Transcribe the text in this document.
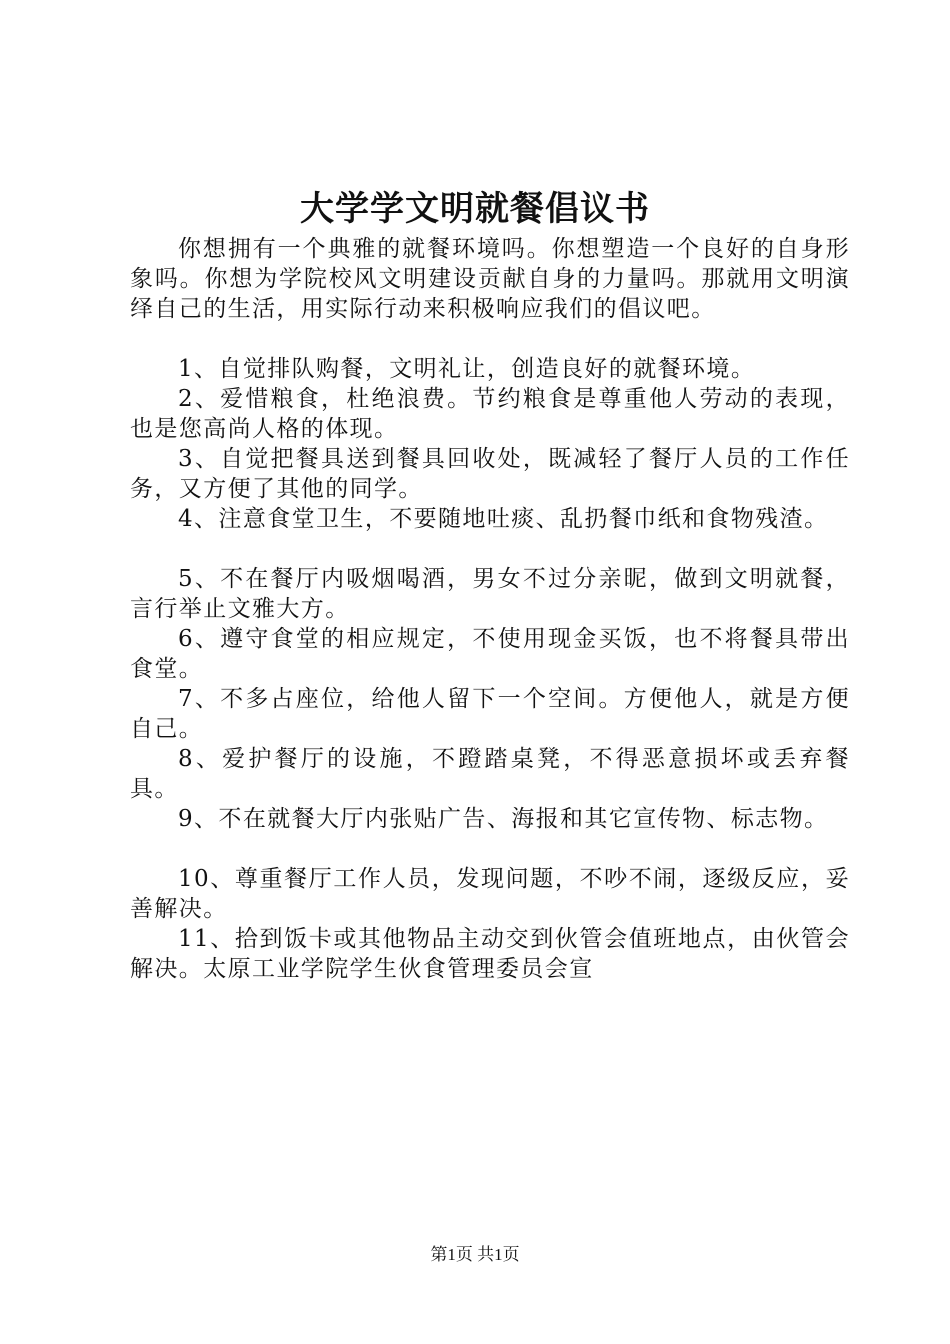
大学学文明就餐倡议书

你想拥有一个典雅的就餐环境吗。你想塑造一个良好的自身形象吗。你想为学院校风文明建设贡献自身的力量吗。那就用文明演绎自己的生活，用实际行动来积极响应我们的倡议吧。

1、自觉排队购餐，文明礼让，创造良好的就餐环境。

2、爱惜粮食，杜绝浪费。节约粮食是尊重他人劳动的表现，也是您高尚人格的体现。

3、自觉把餐具送到餐具回收处，既减轻了餐厅人员的工作任务，又方便了其他的同学。

4、注意食堂卫生，不要随地吐痰、乱扔餐巾纸和食物残渣。

5、不在餐厅内吸烟喝酒，男女不过分亲昵，做到文明就餐，言行举止文雅大方。

6、遵守食堂的相应规定，不使用现金买饭，也不将餐具带出食堂。

7、不多占座位，给他人留下一个空间。方便他人，就是方便自己。

8、爱护餐厅的设施，不蹬踏桌凳，不得恶意损坏或丢弃餐具。

9、不在就餐大厅内张贴广告、海报和其它宣传物、标志物。

10、尊重餐厅工作人员，发现问题，不吵不闹，逐级反应，妥善解决。

11、拾到饭卡或其他物品主动交到伙管会值班地点，由伙管会解决。太原工业学院学生伙食管理委员会宣

第1页 共1页
